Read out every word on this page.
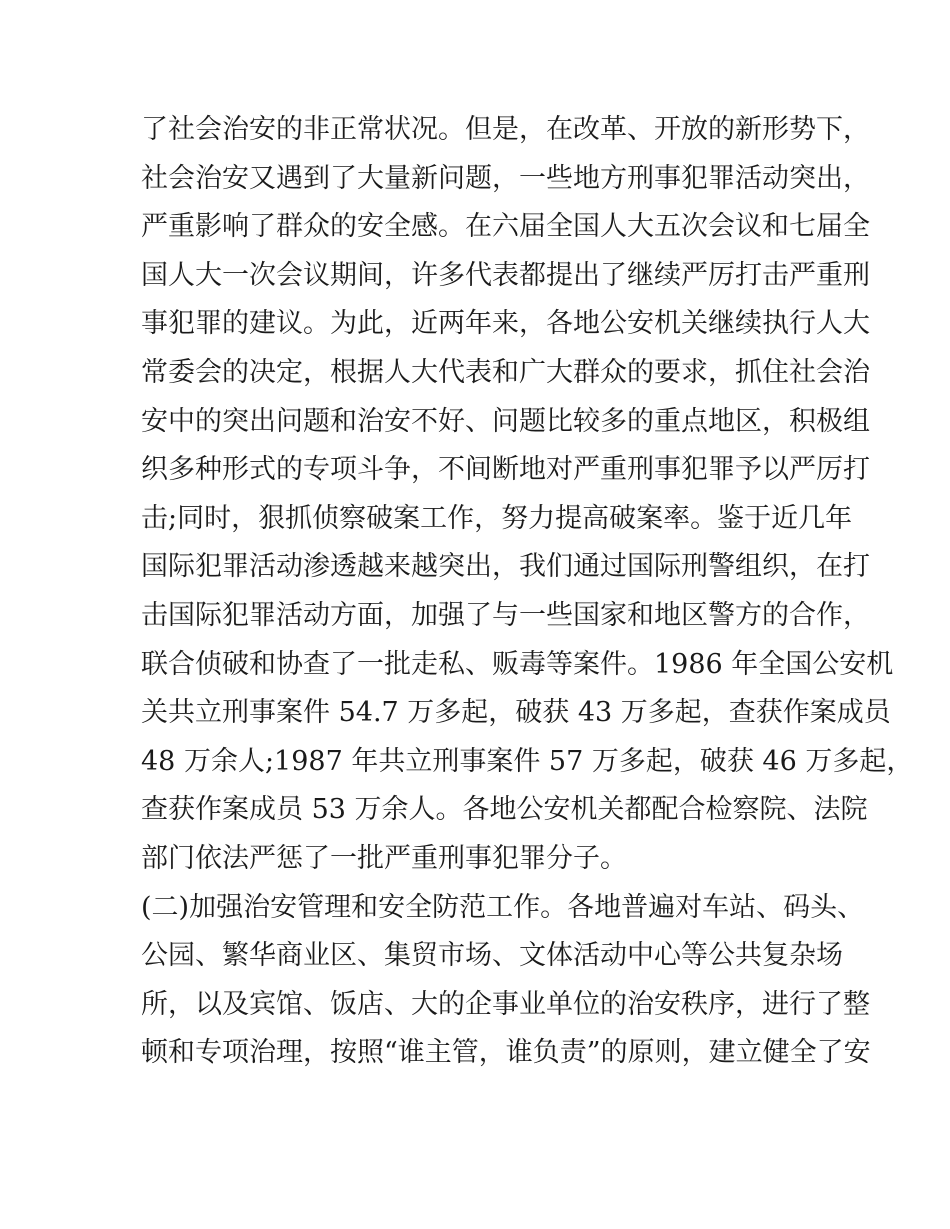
了社会治安的非正常状况。但是，在改革、开放的新形势下，
社会治安又遇到了大量新问题，一些地方刑事犯罪活动突出，
严重影响了群众的安全感。在六届全国人大五次会议和七届全
国人大一次会议期间，许多代表都提出了继续严厉打击严重刑
事犯罪的建议。为此，近两年来，各地公安机关继续执行人大
常委会的决定，根据人大代表和广大群众的要求，抓住社会治
安中的突出问题和治安不好、问题比较多的重点地区，积极组
织多种形式的专项斗争，不间断地对严重刑事犯罪予以严厉打
击;同时，狠抓侦察破案工作，努力提高破案率。鉴于近几年
国际犯罪活动渗透越来越突出，我们通过国际刑警组织，在打
击国际犯罪活动方面，加强了与一些国家和地区警方的合作，
联合侦破和协查了一批走私、贩毒等案件。1986 年全国公安机
关共立刑事案件 54.7 万多起，破获 43 万多起，查获作案成员
48 万余人;1987 年共立刑事案件 57 万多起，破获 46 万多起，
查获作案成员 53 万余人。各地公安机关都配合检察院、法院
部门依法严惩了一批严重刑事犯罪分子。
(二)加强治安管理和安全防范工作。各地普遍对车站、码头、
公园、繁华商业区、集贸市场、文体活动中心等公共复杂场
所，以及宾馆、饭店、大的企事业单位的治安秩序，进行了整
顿和专项治理，按照“谁主管，谁负责”的原则，建立健全了安
